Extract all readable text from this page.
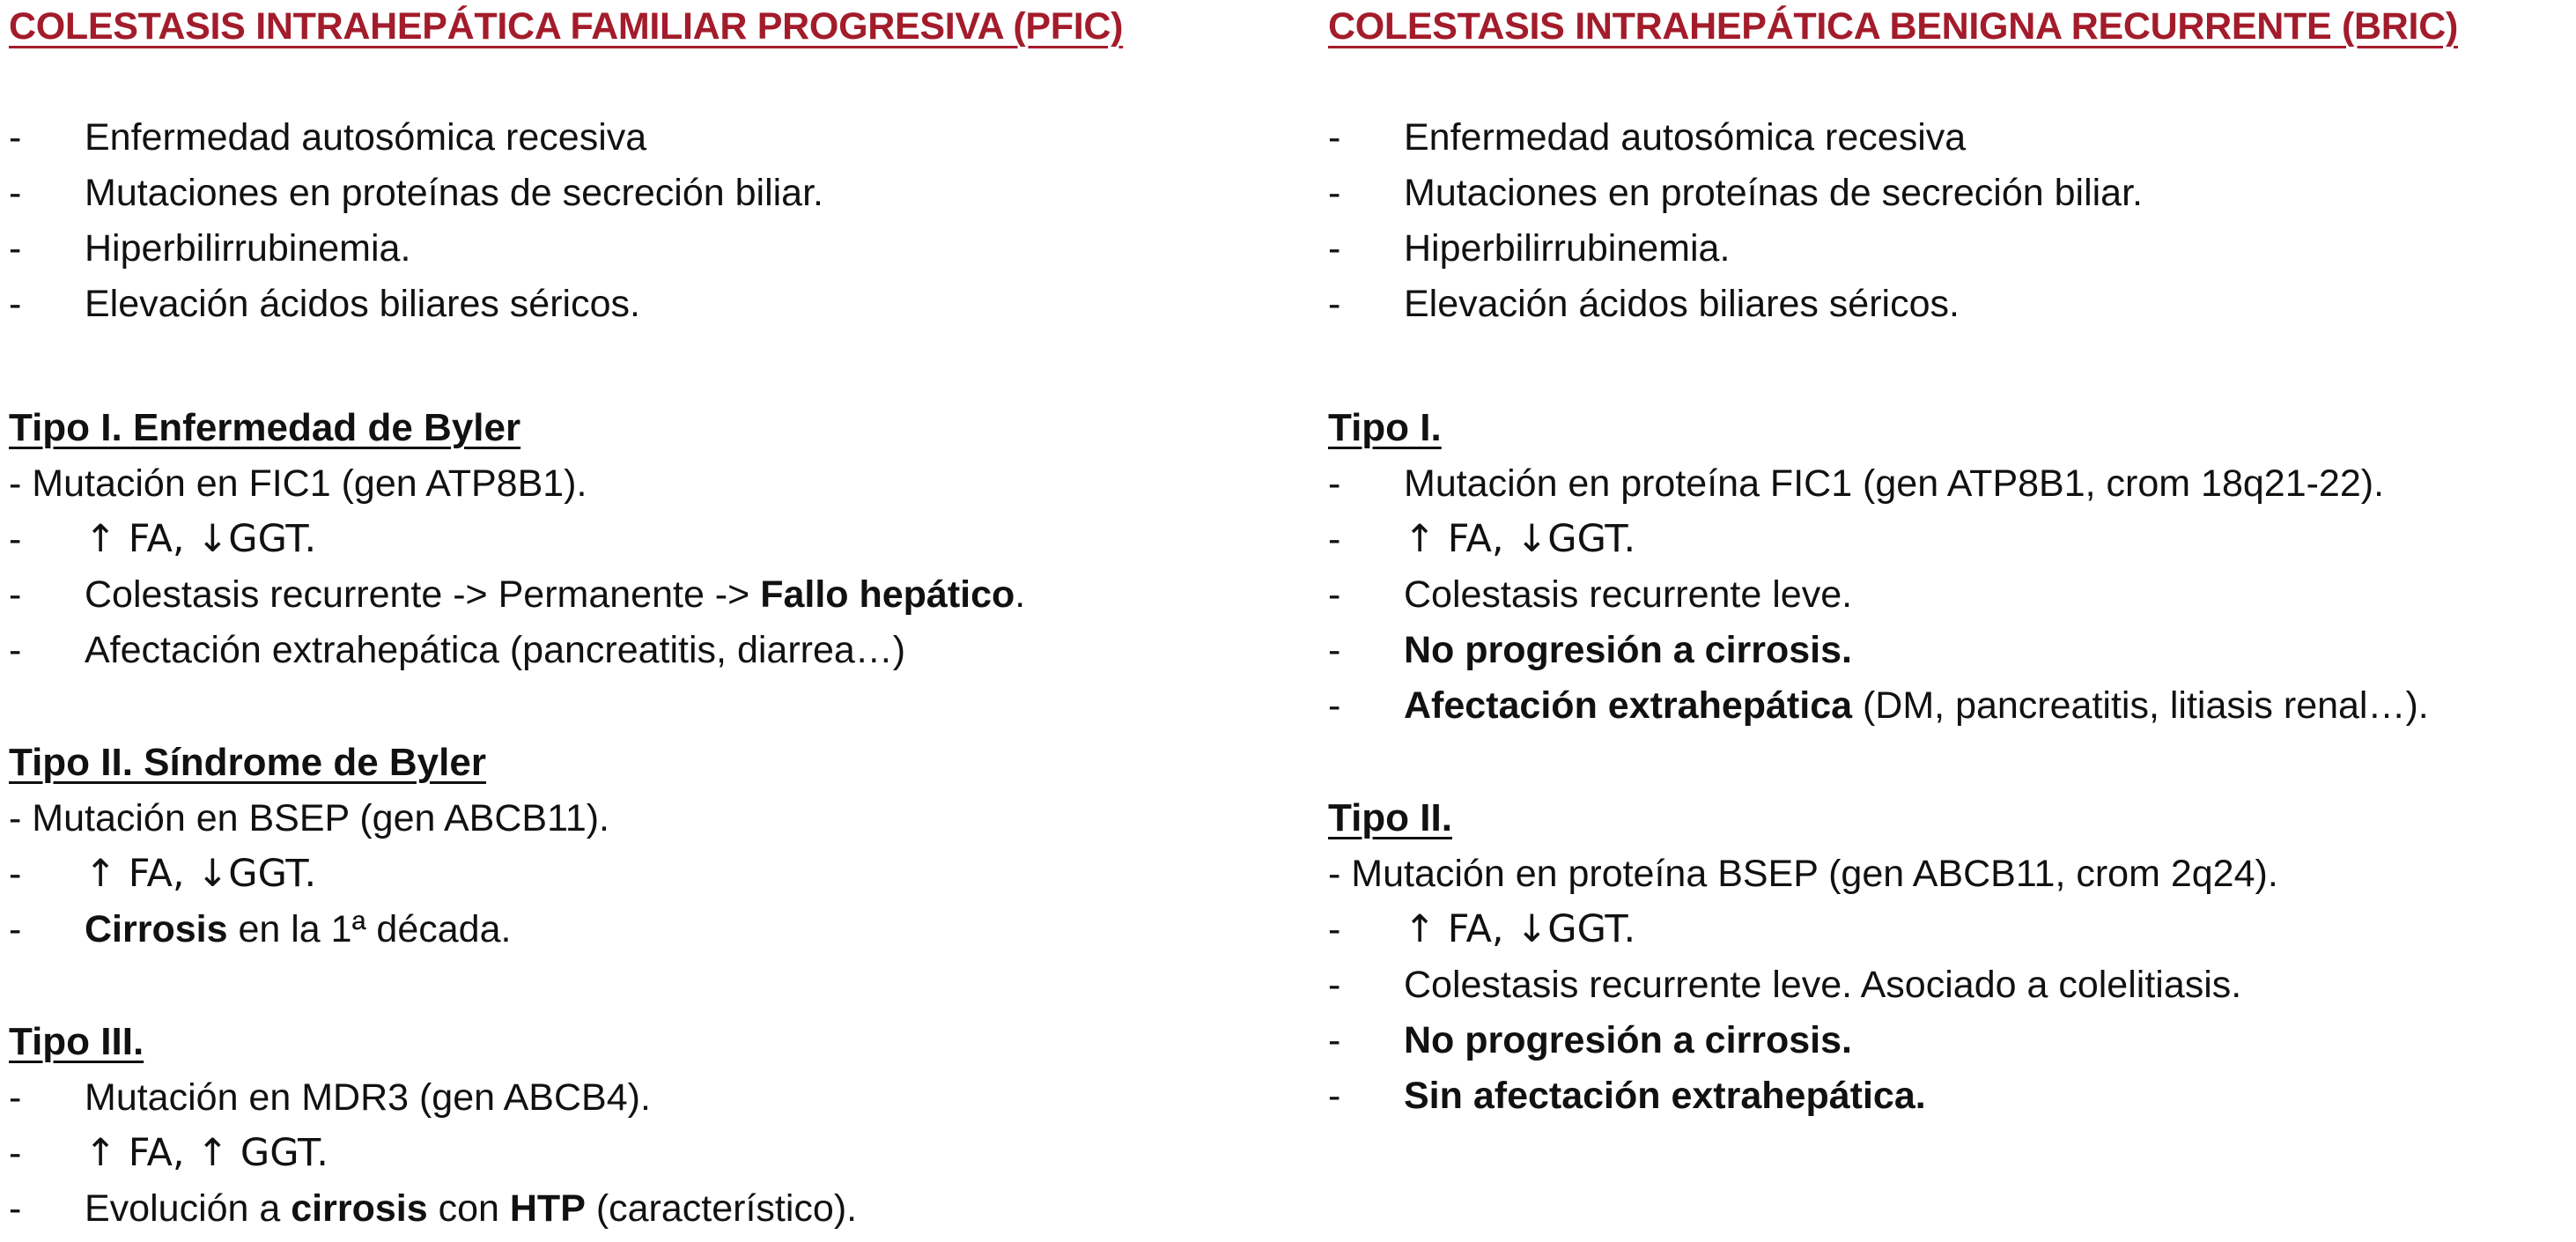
COLESTASIS INTRAHEPÁTICA FAMILIAR PROGRESIVA (PFIC)
-	Enfermedad autosómica recesiva
-	Mutaciones en proteínas de secreción biliar.
-	Hiperbilirrubinemia.
-	Elevación ácidos biliares séricos.
Tipo I. Enfermedad de Byler
- Mutación en FIC1 (gen ATP8B1).
-	↑ FA, ↓GGT.
-	Colestasis recurrente -> Permanente -> Fallo hepático.
-	Afectación extrahepática (pancreatitis, diarrea…)
Tipo II. Síndrome de Byler
- Mutación en BSEP (gen ABCB11).
-	↑ FA, ↓GGT.
-	Cirrosis en la 1ª década.
Tipo III.
-	Mutación en MDR3 (gen ABCB4).
-	↑ FA, ↑ GGT.
-	Evolución a cirrosis con HTP (característico).
COLESTASIS INTRAHEPÁTICA BENIGNA RECURRENTE (BRIC)
-	Enfermedad autosómica recesiva
-	Mutaciones en proteínas de secreción biliar.
-	Hiperbilirrubinemia.
-	Elevación ácidos biliares séricos.
Tipo I.
-	Mutación en proteína FIC1 (gen ATP8B1, crom 18q21-22).
-	↑ FA, ↓GGT.
-	Colestasis recurrente leve.
-	No progresión a cirrosis.
-	Afectación extrahepática (DM, pancreatitis, litiasis renal…).
Tipo II.
- Mutación en proteína BSEP (gen ABCB11, crom 2q24).
-	↑ FA, ↓GGT.
-	Colestasis recurrente leve. Asociado a colelitiasis.
-	No progresión a cirrosis.
-	Sin afectación extrahepática.
